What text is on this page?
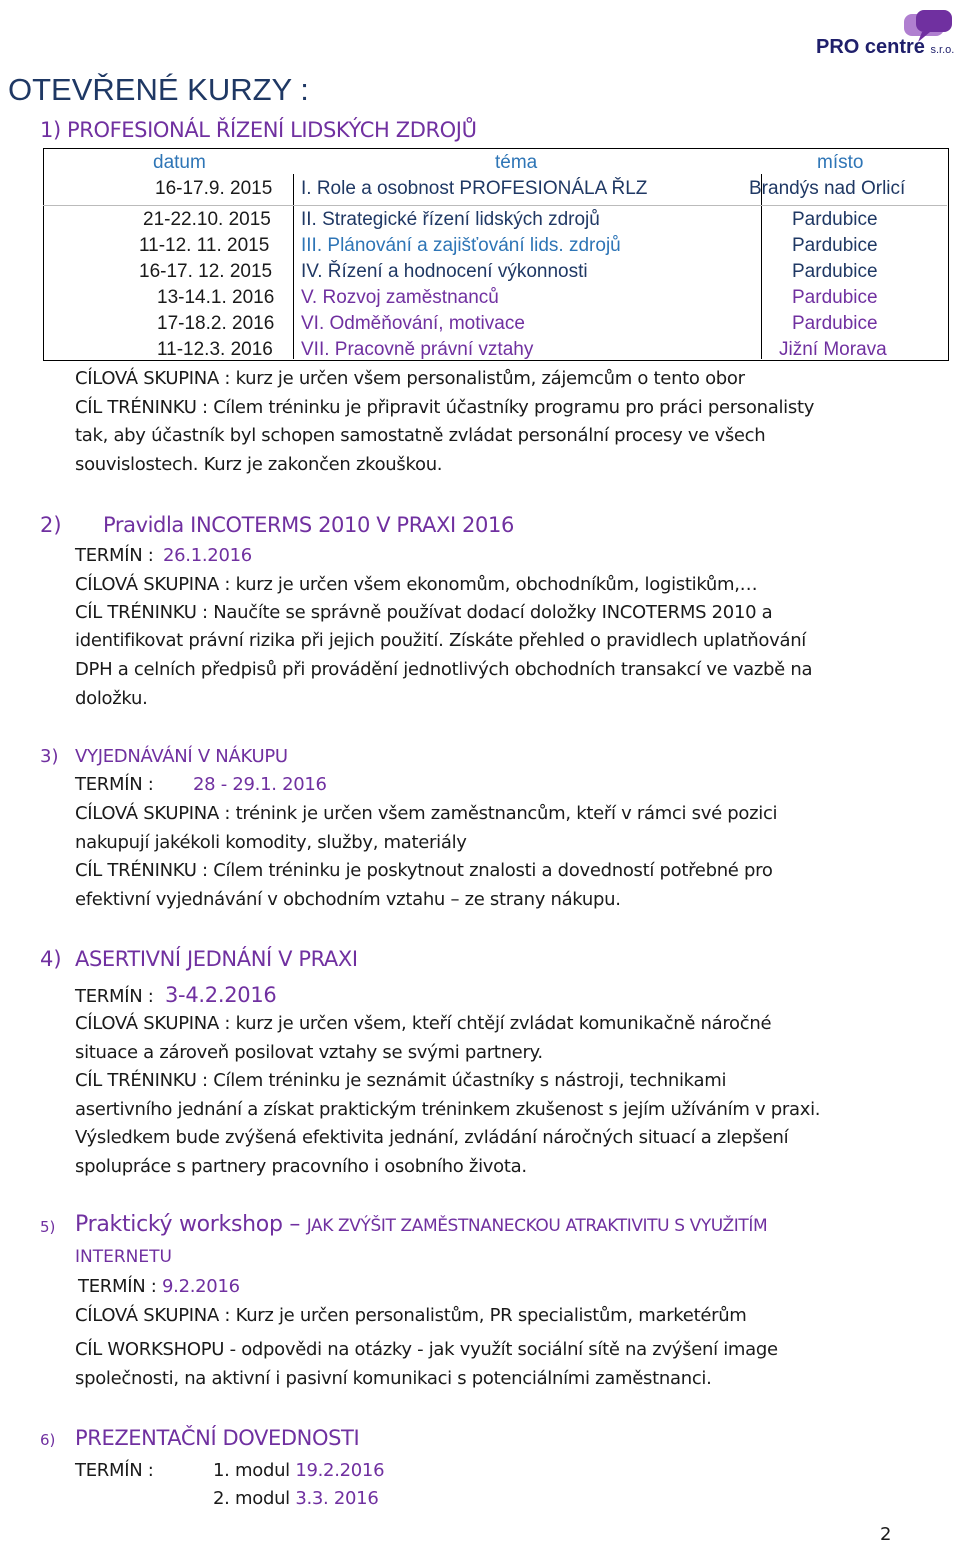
PRO centre s.r.o.
OTEVŘENÉ KURZY :
1) PROFESIONÁL ŘÍZENÍ LIDSKÝCH ZDROJŮ
datum	téma	místo
16-17.9. 2015 I. Role a osobnost PROFESIONÁLA ŘLZ	Brandýs nad Orlicí
21-22.10. 2015 II. Strategické řízení lidských zdrojů	Pardubice
11-12. 11. 2015 III. Plánování a zajišťování lids. zdrojů	Pardubice
16-17. 12. 2015 IV. Řízení a hodnocení výkonnosti	Pardubice
13-14.1. 2016 V. Rozvoj zaměstnanců	Pardubice
17-18.2. 2016 VI. Odměňování, motivace	Pardubice
11-12.3. 2016 VII. Pracovně právní vztahy	Jižní Morava
CÍLOVÁ SKUPINA : kurz je určen všem personalistům, zájemcům o tento obor
CÍL TRÉNINKU : Cílem tréninku je připravit účastníky programu pro práci personalisty
tak, aby účastník byl schopen samostatně zvládat personální procesy ve všech
souvislostech. Kurz je zakončen zkouškou.
2) Pravidla INCOTERMS 2010 V PRAXI 2016
TERMÍN : 26.1.2016
CÍLOVÁ SKUPINA : kurz je určen všem ekonomům, obchodníkům, logistikům,…
CÍL TRÉNINKU : Naučíte se správně používat dodací doložky INCOTERMS 2010 a
identifikovat právní rizika při jejich použití. Získáte přehled o pravidlech uplatňování
DPH a celních předpisů při provádění jednotlivých obchodních transakcí ve vazbě na
doložku.
3) VYJEDNÁVÁNÍ V NÁKUPU
TERMÍN : 28 - 29.1. 2016
CÍLOVÁ SKUPINA : trénink je určen všem zaměstnancům, kteří v rámci své pozici
nakupují jakékoli komodity, služby, materiály
CÍL TRÉNINKU : Cílem tréninku je poskytnout znalosti a dovedností potřebné pro
efektivní vyjednávání v obchodním vztahu – ze strany nákupu.
4) ASERTIVNÍ JEDNÁNÍ V PRAXI
TERMÍN : 3-4.2.2016
CÍLOVÁ SKUPINA : kurz je určen všem, kteří chtějí zvládat komunikačně náročné
situace a zároveň posilovat vztahy se svými partnery.
CÍL TRÉNINKU : Cílem tréninku je seznámit účastníky s nástroji, technikami
asertivního jednání a získat praktickým tréninkem zkušenost s jejím užíváním v praxi.
Výsledkem bude zvýšená efektivita jednání, zvládání náročných situací a zlepšení
spolupráce s partnery pracovního i osobního života.
5) Praktický workshop – JAK ZVÝŠIT ZAMĚSTNANECKOU ATRAKTIVITU S VYUŽITÍM
INTERNETU
TERMÍN : 9.2.2016
CÍLOVÁ SKUPINA : Kurz je určen personalistům, PR specialistům, marketérům
CÍL WORKSHOPU - odpovědi na otázky - jak využít sociální sítě na zvýšení image
společnosti, na aktivní i pasivní komunikaci s potenciálními zaměstnanci.
6) PREZENTAČNÍ DOVEDNOSTI
TERMÍN :	1. modul 19.2.2016
2. modul 3.3. 2016
2
